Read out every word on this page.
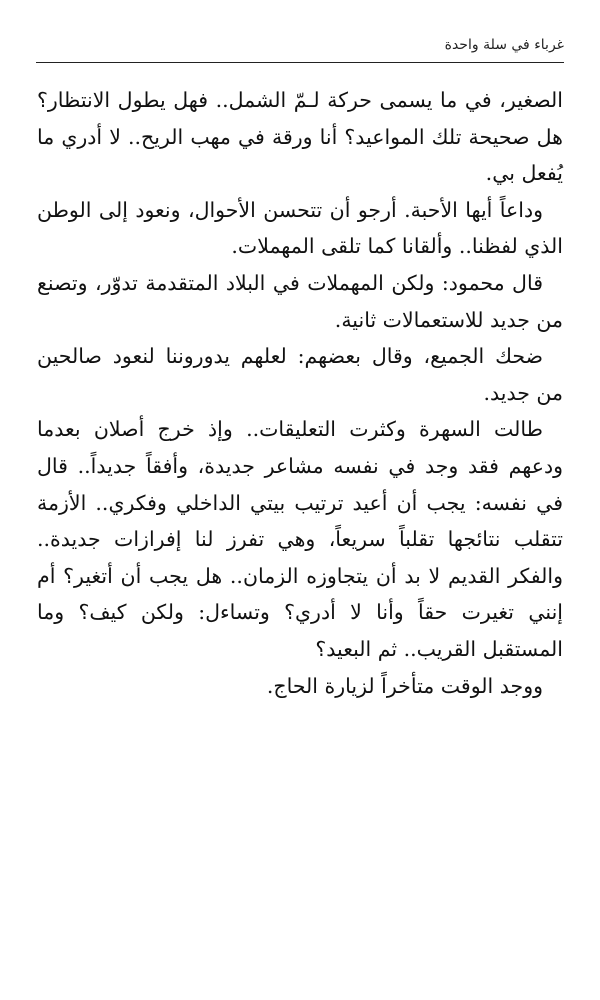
غرباء في سلة واحدة

الصغير، في ما يسمى حركة لـمّ الشمل.. فهل يطول الانتظار؟ هل صحيحة تلك المواعيد؟ أنا ورقة في مهب الريح.. لا أدري ما يُفعل بي.

وداعاً أيها الأحبة. أرجو أن تتحسن الأحوال، ونعود إلى الوطن الذي لفظنا.. وألقانا كما تلقى المهملات.

قال محمود: ولكن المهملات في البلاد المتقدمة تدوّر، وتصنع من جديد للاستعمالات ثانية.

ضحك الجميع، وقال بعضهم: لعلهم يدوروننا لنعود صالحين من جديد.

طالت السهرة وكثرت التعليقات.. وإذ خرج أصلان بعدما ودعهم فقد وجد في نفسه مشاعر جديدة، وأفقاً جديداً.. قال في نفسه: يجب أن أعيد ترتيب بيتي الداخلي وفكري.. الأزمة تتقلب نتائجها تقلباً سريعاً، وهي تفرز لنا إفرازات جديدة.. والفكر القديم لا بد أن يتجاوزه الزمان.. هل يجب أن أتغير؟ أم إنني تغيرت حقاً وأنا لا أدري؟ وتساءل: ولكن كيف؟ وما المستقبل القريب.. ثم البعيد؟

ووجد الوقت متأخراً لزيارة الحاج.
